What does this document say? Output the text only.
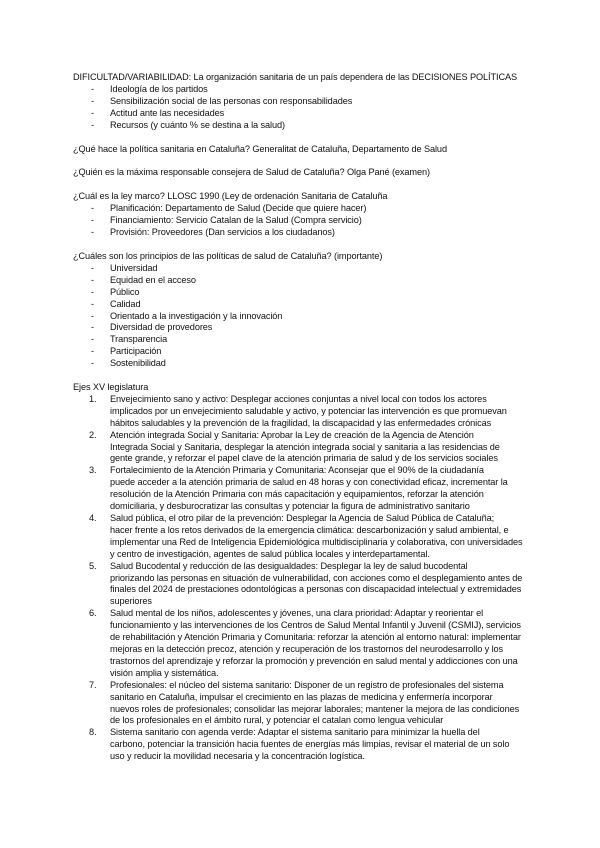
DIFICULTAD/VARIABILIDAD: La organización sanitaria de un país dependera de las DECISIONES POLÍTICAS

- Ideología de los partidos
- Sensibilización social de las personas con responsabilidades
- Actitud ante las necesidades
- Recursos (y cuánto % se destina a la salud)

¿Qué hace la política sanitaria en Cataluña? Generalitat de Cataluña, Departamento de Salud

¿Quién es la máxima responsable consejera de Salud de Cataluña? Olga Pané (examen)

¿Cuál es la ley marco? LLOSC 1990 (Ley de ordenación Sanitaria de Cataluña

- Planificación: Departamento de Salud (Decide que quiere hacer)
- Financiamiento: Servicio Catalan de la Salud (Compra servicio)
- Provisión: Proveedores (Dan servicios a los ciudadanos)

¿Cuáles son los principios de las políticas de salud de Cataluña? (importante)

- Universidad
- Equidad en el acceso
- Público
- Calidad
- Orientado a la investigación y la innovación
- Diversidad de provedores
- Transparencia
- Participación
- Sostenibilidad

Ejes XV legislatura

1. Envejecimiento sano y activo: Desplegar acciones conjuntas a nivel local con todos los actores
implicados por un envejecimiento saludable y activo, y potenciar las intervención es que promuevan
hábitos saludables y la prevención de la fragilidad, la discapacidad y las enfermedades crónicas
2. Atención integrada Social y Sanitaria: Aprobar la Ley de creación de la Agencia de Atención
Integrada Social y Sanitaria, desplegar la atención integrada social y sanitaria a las residencias de
gente grande, y reforzar el papel clave de la atención primaria de salud y de los servicios sociales
3. Fortalecimiento de la Atención Primaria y Comunitaria: Aconsejar que el 90% de la ciudadanía
puede acceder a la atención primaria de salud en 48 horas y con conectividad eficaz, incrementar la
resolución de la Atención Primaria con más capacitación y equipamientos, reforzar la atención
domiciliaria, y desburocratizar las consultas y potenciar la figura de administrativo sanitario
4. Salud pública, el otro pilar de la prevención: Desplegar la Agencia de Salud Pública de Cataluña;
hacer frente a los retos derivados de la emergencia climática: descarbonización y salud ambiental, e
implementar una Red de Inteligencia Epidemiológica multidisciplinaria y colaborativa, con universidades
y centro de investigación, agentes de salud pública locales y interdepartamental.
5. Salud Bucodental y reducción de las desigualdades: Desplegar la ley de salud bucodental
priorizando las personas en situación de vulnerabilidad, con acciones como el desplegamiento antes de
finales del 2024 de prestaciones odontológicas a personas con discapacidad intelectual y extremidades
superiores
6. Salud mental de los niños, adolescentes y jóvenes, una clara prioridad: Adaptar y reorientar el
funcionamiento y las intervenciones de los Centros de Salud Mental Infantil y Juvenil (CSMIJ), servicios
de rehabilitación y Atención Primaria y Comunitaria: reforzar la atención al entorno natural: implementar
mejoras en la detección precoz, atención y recuperación de los trastornos del neurodesarrollo y los
trastornos del aprendizaje y reforzar la promoción y prevención en salud mental y addicciones con una
visión amplia y sistemática.
7. Profesionales: el núcleo del sistema sanitario: Disponer de un registro de profesionales del sistema
sanitario en Cataluña, impulsar el crecimiento en las plazas de medicina y enfermería incorporar
nuevos roles de profesionales; consolidar las mejorar laborales; mantener la mejora de las condiciones
de los profesionales en el ámbito rural, y potenciar el catalan como lengua vehicular
8. Sistema sanitario con agenda verde: Adaptar el sistema sanitario para minimizar la huella del
carbono, potenciar la transición hacia fuentes de energías más limpias, revisar el material de un solo
uso y reducir la movilidad necesaria y la concentración logística.
